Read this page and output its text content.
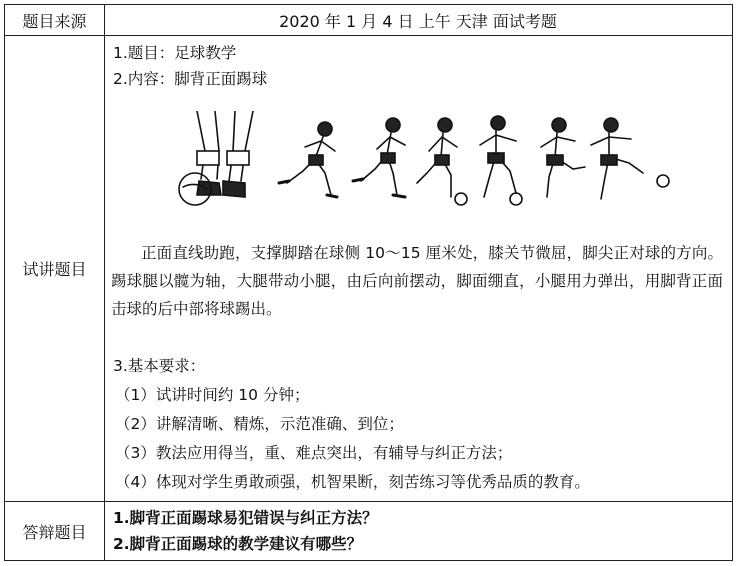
题目来源	2020 年 1 月 4 日 上午 天津 面试考题
试讲题目
1.题目：足球教学
2.内容：脚背正面踢球
正面直线助跑，支撑脚踏在球侧 10～15 厘米处，膝关节微屈，脚尖正对球的方向。踢球腿以髋为轴，大腿带动小腿，由后向前摆动，脚面绷直，小腿用力弹出，用脚背正面击球的后中部将球踢出。
3.基本要求：
（1）试讲时间约 10 分钟；
（2）讲解清晰、精炼，示范准确、到位；
（3）教法应用得当，重、难点突出，有辅导与纠正方法；
（4）体现对学生勇敢顽强，机智果断，刻苦练习等优秀品质的教育。
答辩题目
1.脚背正面踢球易犯错误与纠正方法？
2.脚背正面踢球的教学建议有哪些？
